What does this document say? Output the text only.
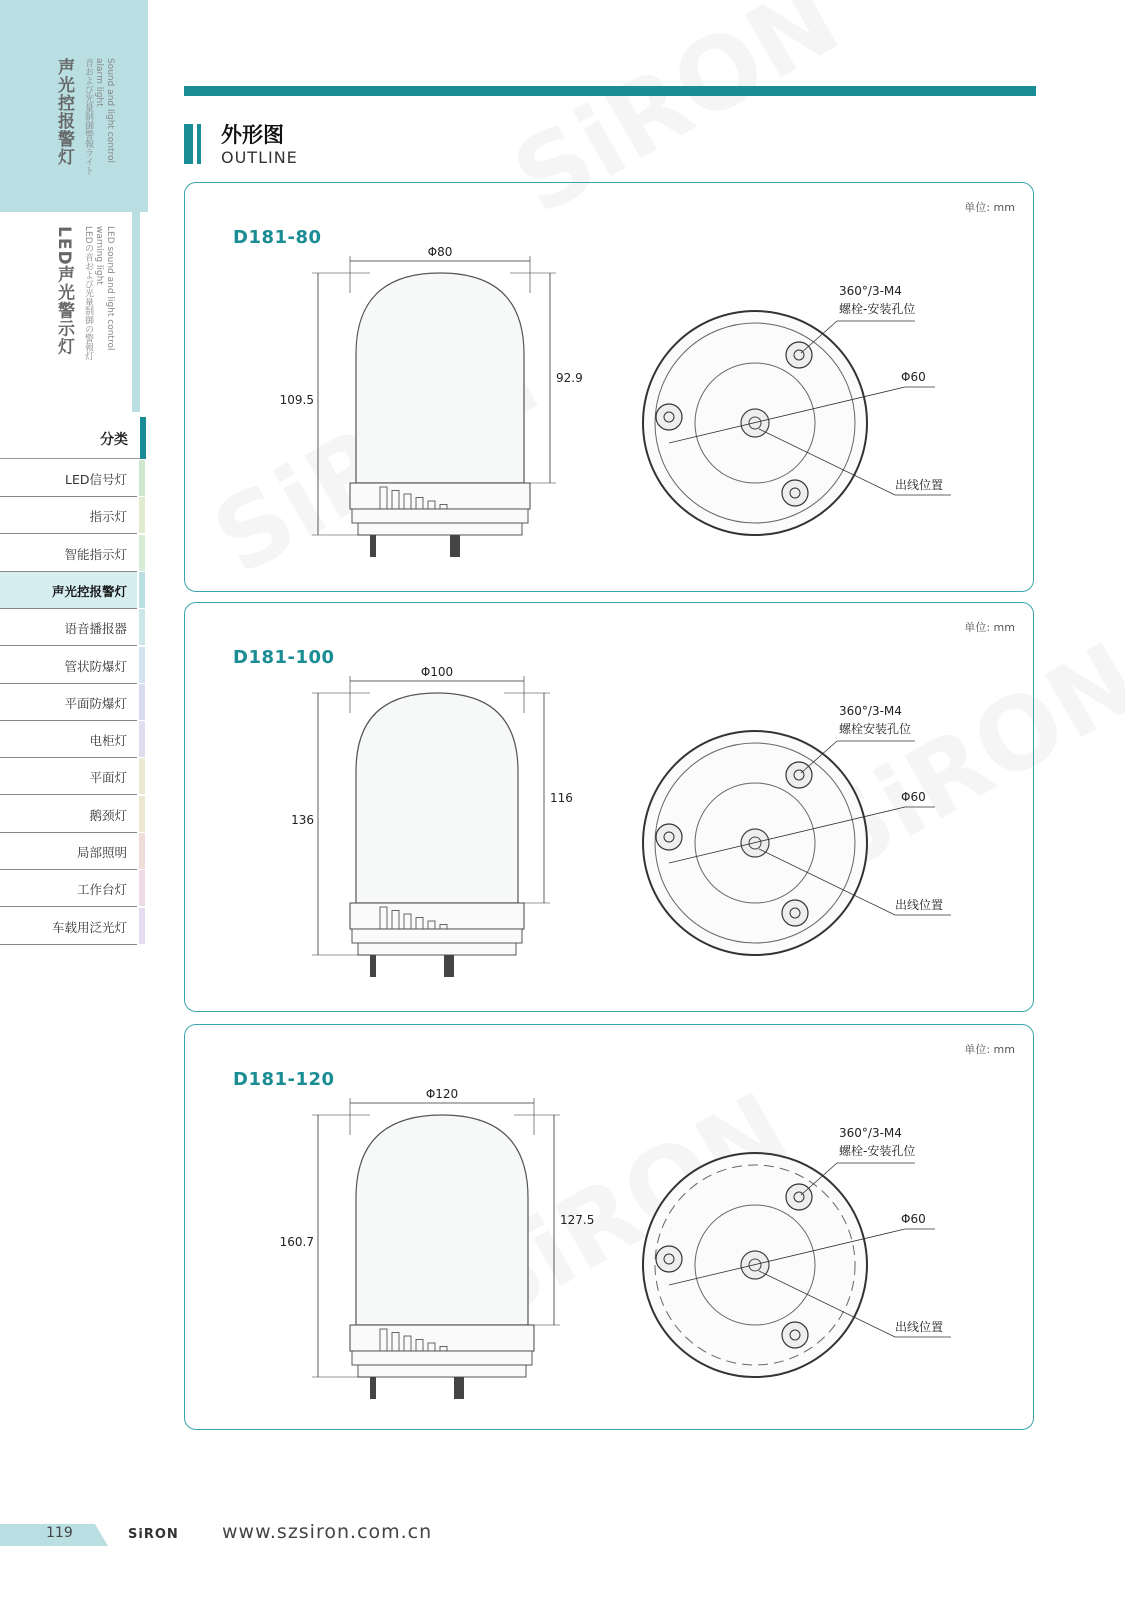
声光控报警灯	Sound and light control
alarm light
音および光量制御警報ライト
LED声光警示灯	LED sound and light control
warning light
LEDの音および光量制御の警報灯
分类
LED信号灯
指示灯
智能指示灯
声光控报警灯
语音播报器
管状防爆灯
平面防爆灯
电柜灯
平面灯
鹅颈灯
局部照明
工作台灯
车载用泛光灯
外形图
OUTLINE
D181-80
单位: mm
Φ80
109.5
92.9
360°/3-M4
螺栓-安装孔位
Φ60
出线位置
D181-100
单位: mm
Φ100
136
116
360°/3-M4
螺栓安装孔位
Φ60
出线位置
D181-120
单位: mm
Φ120
160.7
127.5
360°/3-M4
螺栓-安装孔位
Φ60
出线位置
119	SiRON www.szsiron.com.cn
